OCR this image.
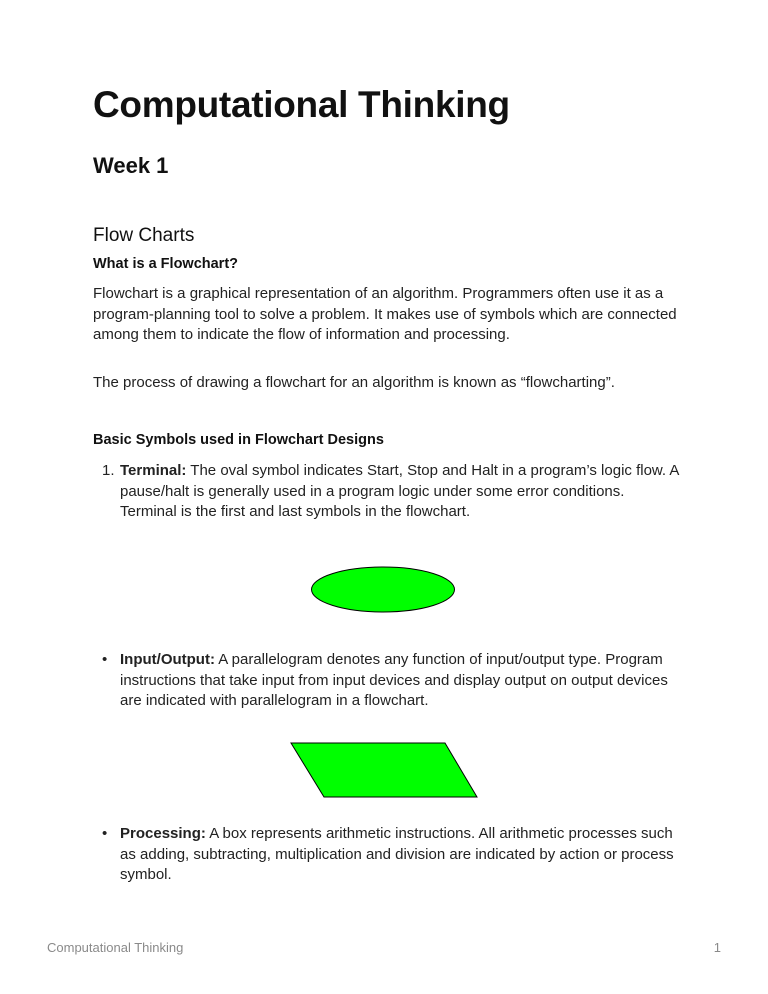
Computational Thinking
Week 1
Flow Charts
What is a Flowchart?

Flowchart is a graphical representation of an algorithm. Programmers often use it as a program-planning tool to solve a problem. It makes use of symbols which are connected among them to indicate the flow of information and processing.

The process of drawing a flowchart for an algorithm is known as “flowcharting”.

Basic Symbols used in Flowchart Designs
1. Terminal: The oval symbol indicates Start, Stop and Halt in a program’s logic flow. A pause/halt is generally used in a program logic under some error conditions. Terminal is the first and last symbols in the flowchart.

• Input/Output: A parallelogram denotes any function of input/output type. Program instructions that take input from input devices and display output on output devices are indicated with parallelogram in a flowchart.

• Processing: A box represents arithmetic instructions. All arithmetic processes such as adding, subtracting, multiplication and division are indicated by action or process symbol.

Computational Thinking	1
